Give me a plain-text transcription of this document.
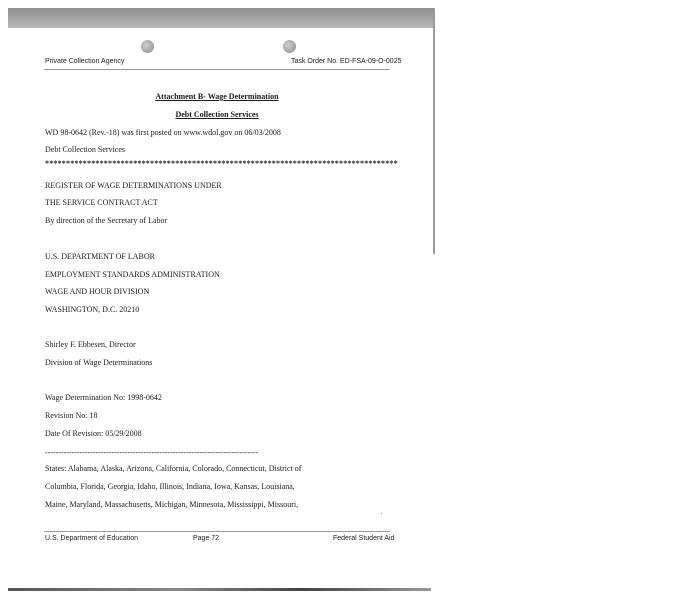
Private Collection Agency	Task Order No. ED-FSA-09-O-0025
Attachment B- Wage Determination
Debt Collection Services
WD 98-0642 (Rev.-18) was first posted on www.wdol.gov on 06/03/2008
Debt Collection Services
************************************************************************************
REGISTER OF WAGE DETERMINATIONS UNDER
THE SERVICE CONTRACT ACT
By direction of the Secretary of Labor
U.S. DEPARTMENT OF LABOR
EMPLOYMENT STANDARDS ADMINISTRATION
WAGE AND HOUR DIVISION
WASHINGTON, D.C. 20210
Shirley F. Ebbesen, Director
Division of Wage Determinations
Wage Determination No: 1998-0642
Revision No: 18
Date Of Revision: 05/29/2008
--------------------------------------------------------------------------------
States: Alabama, Alaska, Arizona, California, Colorado, Connecticut, District of
Columbia, Florida, Georgia, Idaho, Illinois, Indiana, Iowa, Kansas, Louisiana,
Maine, Maryland, Massachusetts, Michigan, Minnesota, Mississippi, Missouri,
U.S. Department of Education	Page 72	Federal Student Aid
